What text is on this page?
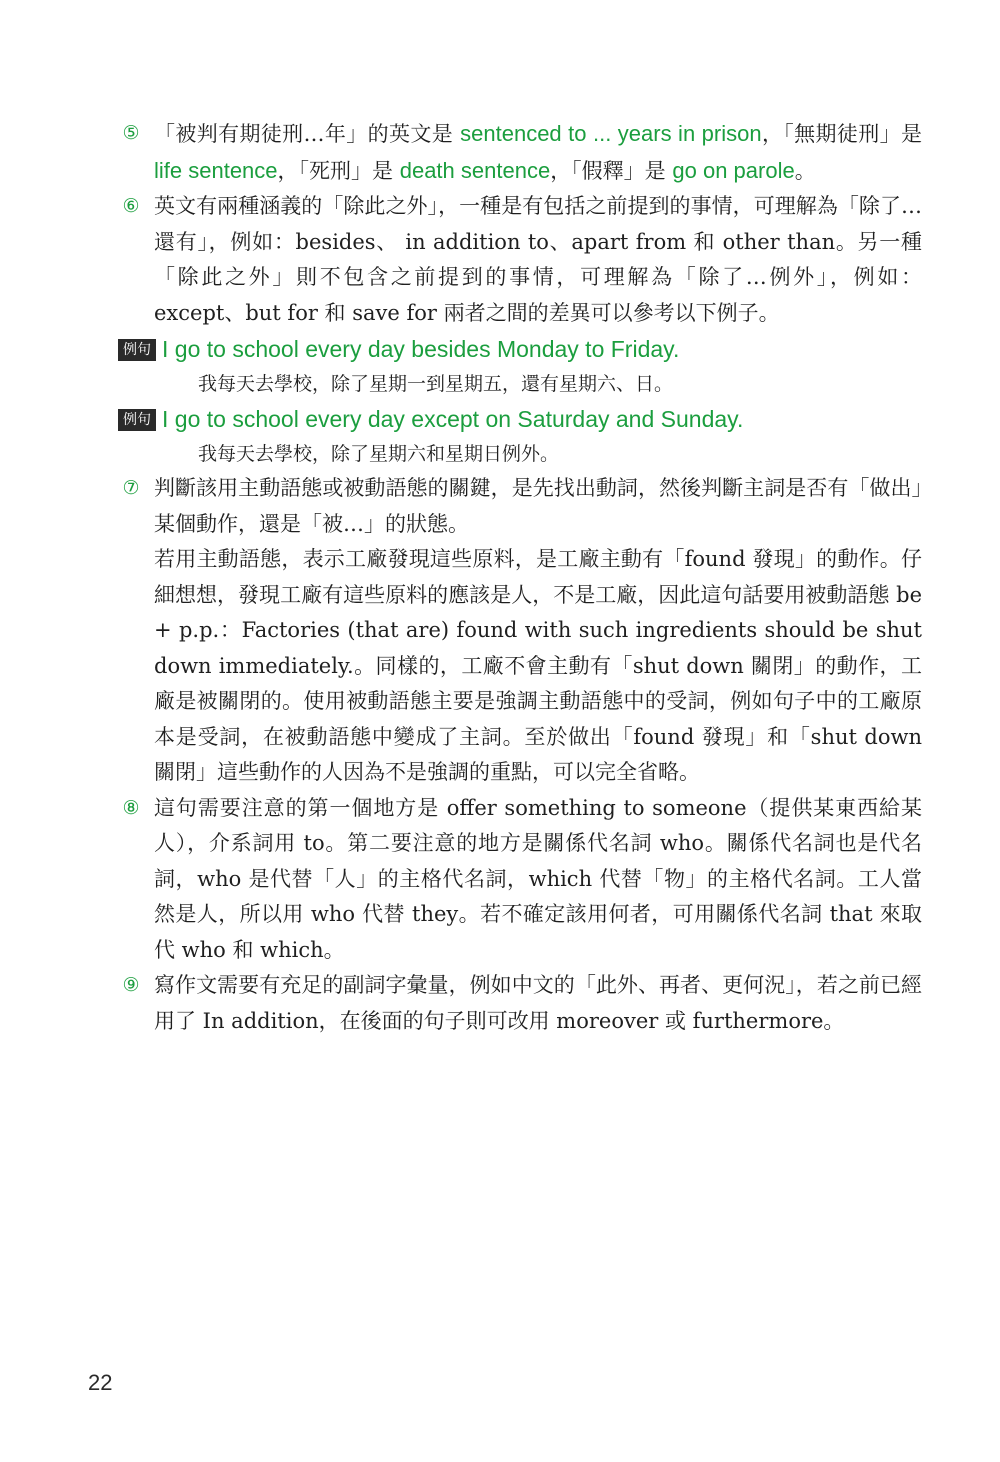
⑤ 「被判有期徒刑…年」的英文是 sentenced to ... years in prison，「無期徒刑」是 life sentence，「死刑」是 death sentence，「假釋」是 go on parole。
⑥ 英文有兩種涵義的「除此之外」，一種是有包括之前提到的事情，可理解為「除了…還有」，例如：besides、 in addition to、apart from 和 other than。另一種「除此之外」則不包含之前提到的事情，可理解為「除了…例外」，例如：except、but for 和 save for 兩者之間的差異可以參考以下例子。
例句 I go to school every day besides Monday to Friday.
我每天去學校，除了星期一到星期五，還有星期六、日。
例句 I go to school every day except on Saturday and Sunday.
我每天去學校，除了星期六和星期日例外。
⑦ 判斷該用主動語態或被動語態的關鍵，是先找出動詞，然後判斷主詞是否有「做出」某個動作，還是「被…」的狀態。
若用主動語態，表示工廠發現這些原料，是工廠主動有「found 發現」的動作。仔細想想，發現工廠有這些原料的應該是人，不是工廠，因此這句話要用被動語態 be + p.p.：Factories (that are) found with such ingredients should be shut down immediately.。同樣的，工廠不會主動有「shut down 關閉」的動作，工廠是被關閉的。使用被動語態主要是強調主動語態中的受詞，例如句子中的工廠原本是受詞，在被動語態中變成了主詞。至於做出「found 發現」和「shut down 關閉」這些動作的人因為不是強調的重點，可以完全省略。
⑧ 這句需要注意的第一個地方是 offer something to someone（提供某東西給某人），介系詞用 to。第二要注意的地方是關係代名詞 who。關係代名詞也是代名詞，who 是代替「人」的主格代名詞，which 代替「物」的主格代名詞。工人當然是人，所以用 who 代替 they。若不確定該用何者，可用關係代名詞 that 來取代 who 和 which。
⑨ 寫作文需要有充足的副詞字彙量，例如中文的「此外、再者、更何況」，若之前已經用了 In addition，在後面的句子則可改用 moreover 或 furthermore。
22
